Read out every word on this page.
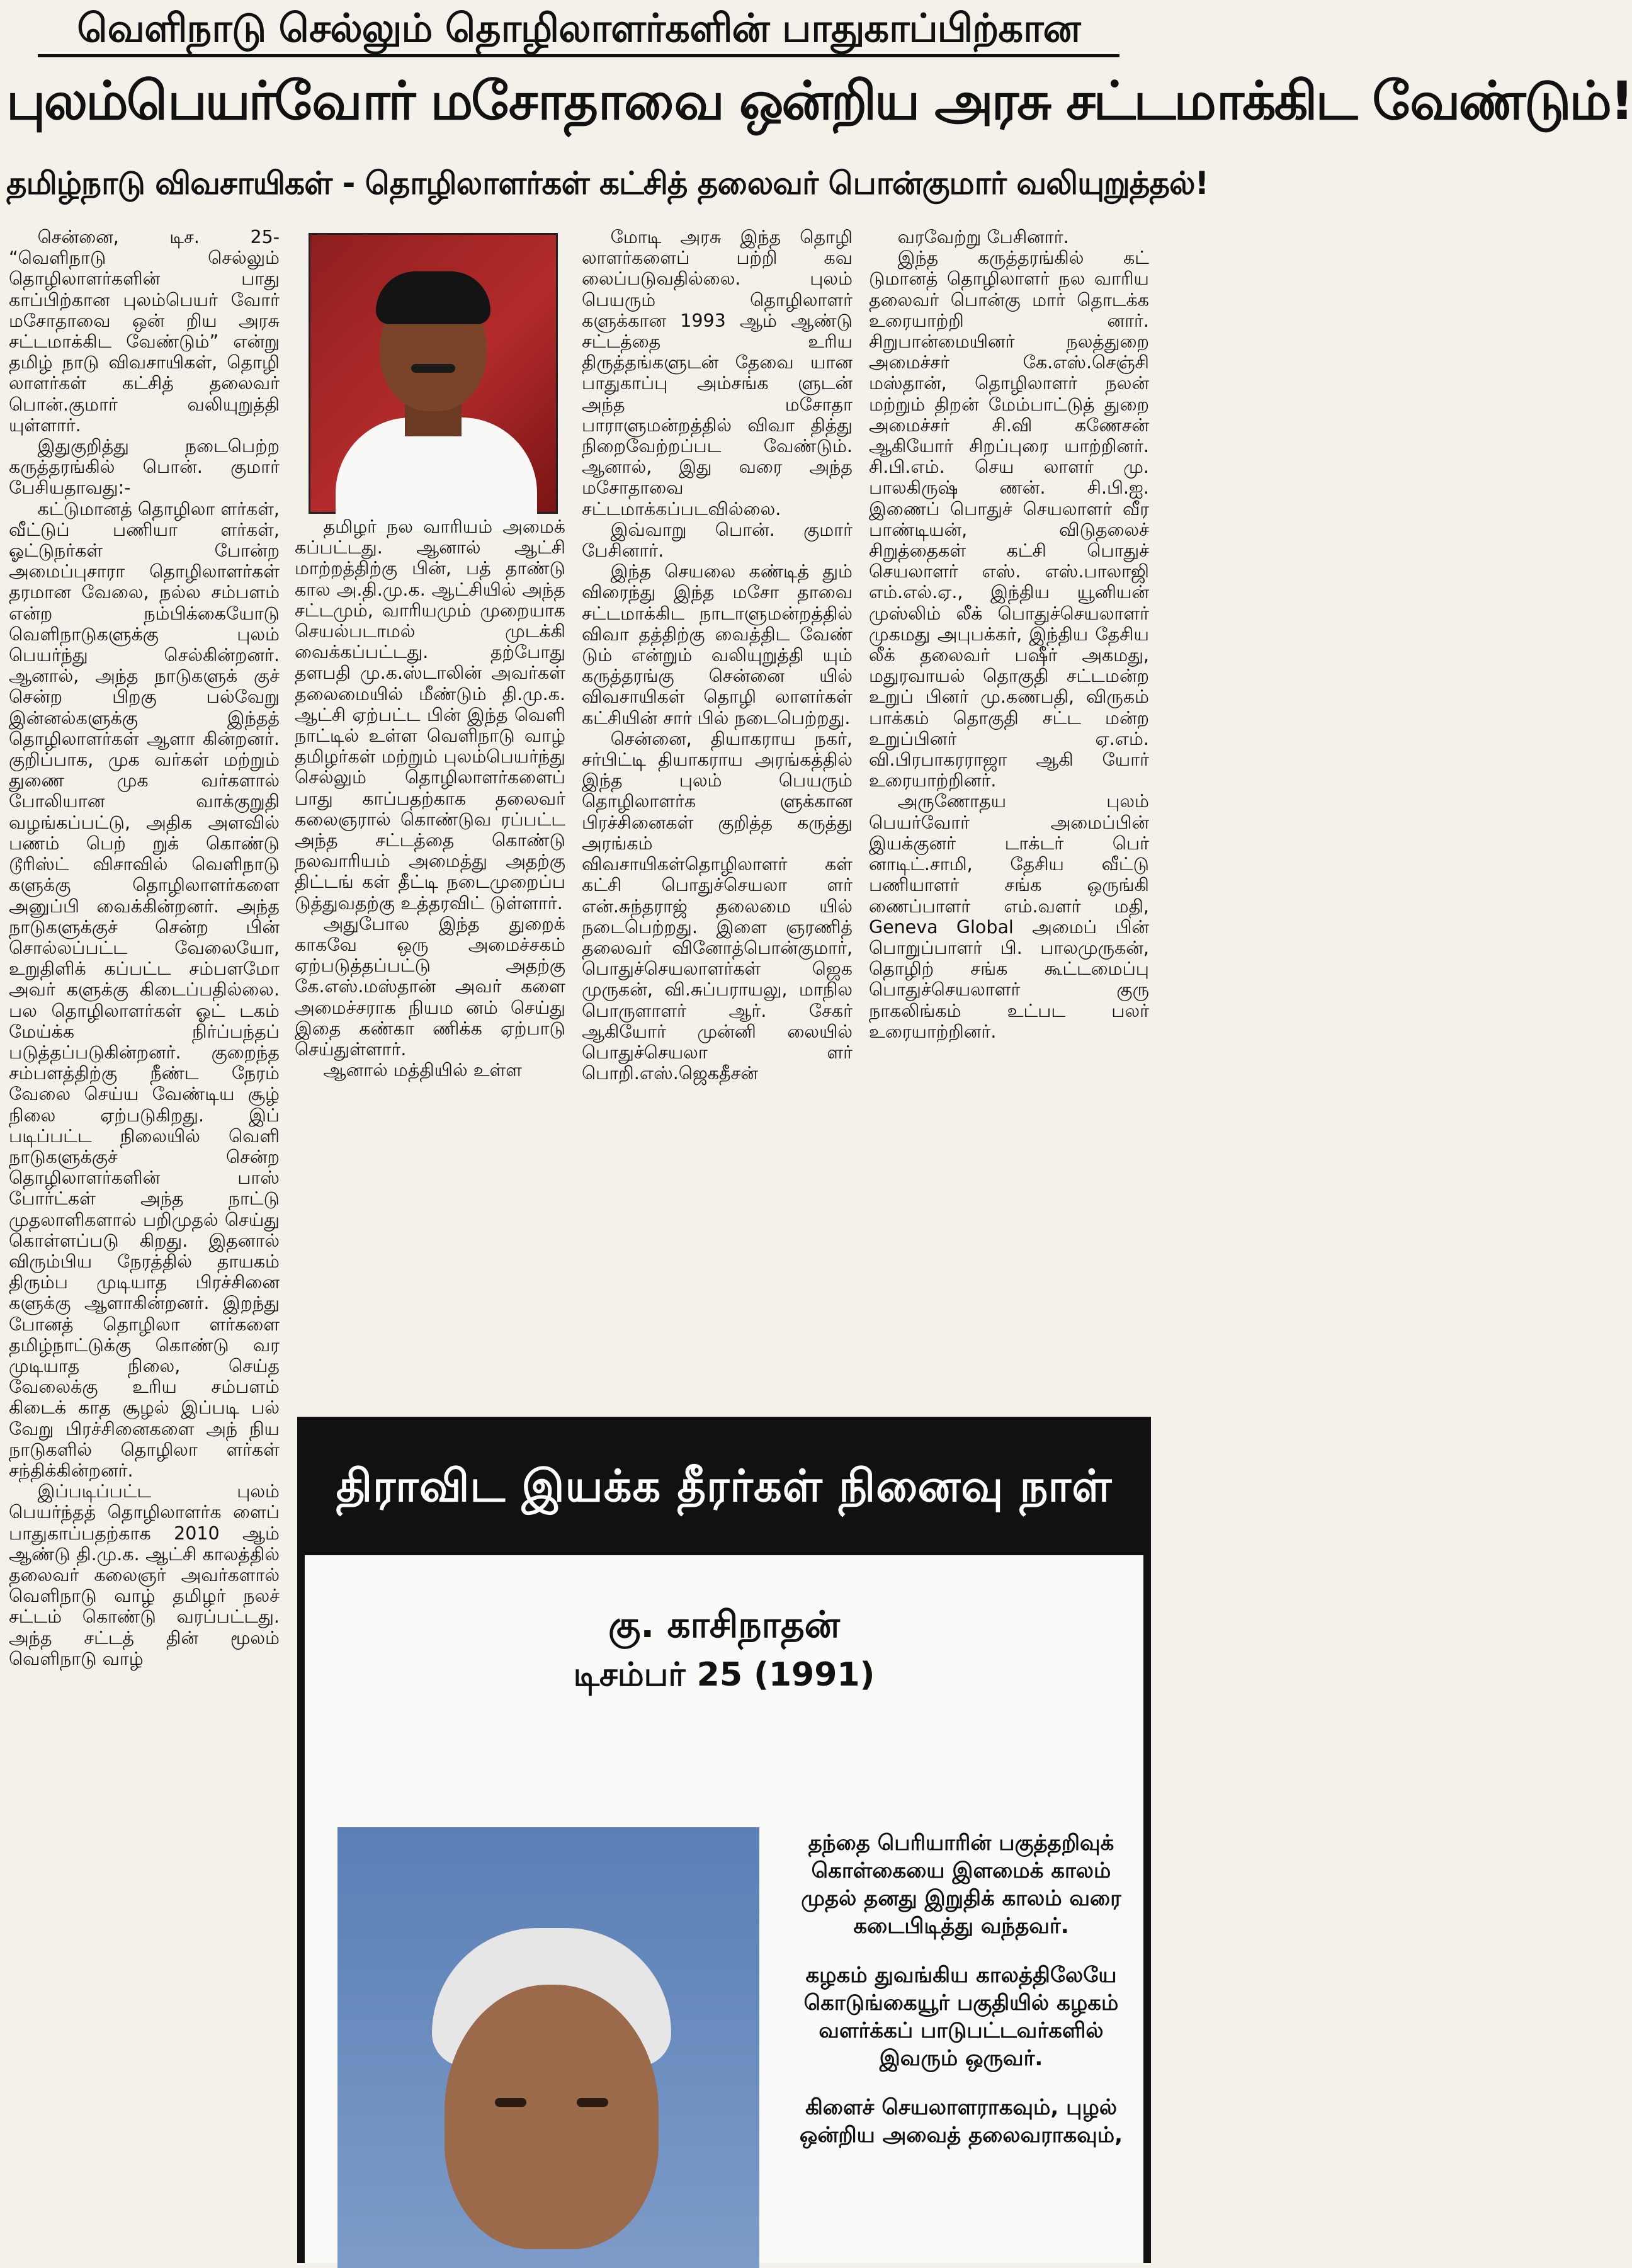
வெளிநாடு செல்லும் தொழிலாளர்களின் பாதுகாப்பிற்கான
புலம்பெயர்வோர் மசோதாவை ஒன்றிய அரசு சட்டமாக்கிட வேண்டும்!
தமிழ்நாடு விவசாயிகள் - தொழிலாளர்கள் கட்சித் தலைவர் பொன்குமார் வலியுறுத்தல்!

சென்னை, டிச. 25- “வெளிநாடு செல்லும் தொழிலாளர்களின் பாது காப்பிற்கான புலம்பெயர் வோர் மசோதாவை ஒன் றிய அரசு சட்டமாக்கிட வேண்டும்” என்று தமிழ் நாடு விவசாயிகள், தொழி லாளர்கள் கட்சித் தலைவர் பொன்.குமார் வலியுறுத்தி யுள்ளார்.

இதுகுறித்து நடைபெற்ற கருத்தரங்கில் பொன். குமார் பேசியதாவது:-

கட்டுமானத் தொழிலா ளர்கள், வீட்டுப் பணியா ளர்கள், ஓட்டுநர்கள் போன்ற அமைப்புசாரா தொழிலாளர்கள் தரமான வேலை, நல்ல சம்பளம் என்ற நம்பிக்கையோடு வெளிநாடுகளுக்கு புலம் பெயர்ந்து செல்கின்றனர். ஆனால், அந்த நாடுகளுக் குச் சென்ற பிறகு பல்வேறு இன்னல்களுக்கு இந்தத் தொழிலாளர்கள் ஆளா கின்றனர். குறிப்பாக, முக வர்கள் மற்றும் துணை முக வர்களால் போலியான வாக்குறுதி வழங்கப்பட்டு, அதிக அளவில் பணம் பெற் றுக் கொண்டு டூரிஸ்ட் விசாவில் வெளிநாடு களுக்கு தொழிலாளர்களை அனுப்பி வைக்கின்றனர். அந்த நாடுகளுக்குச் சென்ற பின் சொல்லப்பட்ட வேலையோ, உறுதிளிக் கப்பட்ட சம்பளமோ அவர் களுக்கு கிடைப்பதில்லை. பல தொழிலாளர்கள் ஓட் டகம் மேய்க்க நிர்ப்பந்தப் படுத்தப்படுகின்றனர். குறைந்த சம்பளத்திற்கு நீண்ட நேரம் வேலை செய்ய வேண்டிய சூழ் நிலை ஏற்படுகிறது. இப் படிப்பட்ட நிலையில் வெளி நாடுகளுக்குச் சென்ற தொழிலாளர்களின் பாஸ் போர்ட்கள் அந்த நாட்டு முதலாளிகளால் பறிமுதல் செய்து கொள்ளப்படு கிறது. இதனால் விரும்பிய நேரத்தில் தாயகம் திரும்ப முடியாத பிரச்சினை களுக்கு ஆளாகின்றனர். இறந்து போனத் தொழிலா ளர்களை தமிழ்நாட்டுக்கு கொண்டு வர முடியாத நிலை, செய்த வேலைக்கு உரிய சம்பளம் கிடைக் காத சூழல் இப்படி பல் வேறு பிரச்சினைகளை அந் நிய நாடுகளில் தொழிலா ளர்கள் சந்திக்கின்றனர்.

இப்படிப்பட்ட புலம் பெயர்ந்தத் தொழிலாளர்க ளைப் பாதுகாப்பதற்காக 2010 ஆம் ஆண்டு தி.மு.க. ஆட்சி காலத்தில் தலைவர் கலைஞர் அவர்களால் வெளிநாடு வாழ் தமிழர் நலச் சட்டம் கொண்டு வரப்பட்டது. அந்த சட்டத் தின் மூலம் வெளிநாடு வாழ்

தமிழர் நல வாரியம் அமைக் கப்பட்டது. ஆனால் ஆட்சி மாற்றத்திற்கு பின், பத் தாண்டு கால அ.தி.மு.க. ஆட்சியில் அந்த சட்டமும், வாரியமும் முறையாக செயல்படாமல் முடக்கி வைக்கப்பட்டது. தற்போது தளபதி மு.க.ஸ்டாலின் அவர்கள் தலைமையில் மீண்டும் தி.மு.க. ஆட்சி ஏற்பட்ட பின் இந்த வெளி நாட்டில் உள்ள வெளிநாடு வாழ் தமிழர்கள் மற்றும் புலம்பெயர்ந்து செல்லும் தொழிலாளர்களைப் பாது காப்பதற்காக தலைவர் கலைஞரால் கொண்டுவ ரப்பட்ட அந்த சட்டத்தை கொண்டு நலவாரியம் அமைத்து அதற்கு திட்டங் கள் தீட்டி நடைமுறைப்ப டுத்துவதற்கு உத்தரவிட் டுள்ளார்.

அதுபோல இந்த துறைக் காகவே ஒரு அமைச்சகம் ஏற்படுத்தப்பட்டு அதற்கு கே.எஸ்.மஸ்தான் அவர் களை அமைச்சராக நியம னம் செய்து இதை கண்கா ணிக்க ஏற்பாடு செய்துள்ளார்.

ஆனால் மத்தியில் உள்ள

மோடி அரசு இந்த தொழி லாளர்களைப் பற்றி கவ லைப்படுவதில்லை. புலம் பெயரும் தொழிலாளர் களுக்கான 1993 ஆம் ஆண்டு சட்டத்தை உரிய திருத்தங்களுடன் தேவை யான பாதுகாப்பு அம்சங்க ளுடன் அந்த மசோதா பாராளுமன்றத்தில் விவா தித்து நிறைவேற்றப்பட வேண்டும். ஆனால், இது வரை அந்த மசோதாவை சட்டமாக்கப்படவில்லை.

இவ்வாறு பொன். குமார் பேசினார்.

இந்த செயலை கண்டித் தும் விரைந்து இந்த மசோ தாவை சட்டமாக்கிட நாடாளுமன்றத்தில் விவா தத்திற்கு வைத்திட வேண் டும் என்றும் வலியுறுத்தி யும் கருத்தரங்கு சென்னை யில் விவசாயிகள் தொழி லாளர்கள் கட்சியின் சார் பில் நடைபெற்றது.

சென்னை, தியாகராய நகர், சர்பிட்டி தியாகராய அரங்கத்தில் இந்த புலம் பெயரும் தொழிலாளர்க ளுக்கான பிரச்சினைகள் குறித்த கருத்து அரங்கம் விவசாயிகள்தொழிலாளர் கள் கட்சி பொதுச்செயலா ளர் என்.சுந்தராஜ் தலைமை யில் நடைபெற்றது. இளை ஞரணித் தலைவர் வினோத்பொன்குமார், பொதுச்செயலாளர்கள் ஜெக முருகன், வி.சுப்பராயலு, மாநில பொருளாளர் ஆர். சேகர் ஆகியோர் முன்னி லையில் பொதுச்செயலா ளர் பொறி.எஸ்.ஜெகதீசன்

வரவேற்று பேசினார்.

இந்த கருத்தரங்கில் கட் டுமானத் தொழிலாளர் நல வாரிய தலைவர் பொன்கு மார் தொடக்க உரையாற்றி னார். சிறுபான்மையினர் நலத்துறை அமைச்சர் கே.எஸ்.செஞ்சி மஸ்தான், தொழிலாளர் நலன் மற்றும் திறன் மேம்பாட்டுத் துறை அமைச்சர் சி.வி கணேசன் ஆகியோர் சிறப்புரை யாற்றினர். சி.பி.எம். செய லாளர் மு. பாலகிருஷ் ணன். சி.பி.ஐ. இணைப் பொதுச் செயலாளர் வீர பாண்டியன், விடுதலைச் சிறுத்தைகள் கட்சி பொதுச் செயலாளர் எஸ். எஸ்.பாலாஜி எம்.எல்.ஏ., இந்திய யூனியன் முஸ்லிம் லீக் பொதுச்செயலாளர் முகமது அபுபக்கர், இந்திய தேசிய லீக் தலைவர் பஷீர் அகமது, மதுரவாயல் தொகுதி சட்டமன்ற உறுப் பினர் மு.கணபதி, விருகம் பாக்கம் தொகுதி சட்ட மன்ற உறுப்பினர் ஏ.எம். வி.பிரபாகரராஜா ஆகி யோர் உரையாற்றினர்.

அருணோதய புலம் பெயர்வோர் அமைப்பின் இயக்குனர் டாக்டர் பெர் னாடிட்.சாமி, தேசிய வீட்டு பணியாளர் சங்க ஒருங்கி ணைப்பாளர் எம்.வளர் மதி, Geneva Global அமைப் பின் பொறுப்பாளர் பி. பாலமுருகன், தொழிற் சங்க கூட்டமைப்பு பொதுச்செயலாளர் குரு நாகலிங்கம் உட்பட பலர் உரையாற்றினர்.

திராவிட இயக்க தீரர்கள் நினைவு நாள்
கு. காசிநாதன்
டிசம்பர் 25 (1991)

தந்தை பெரியாரின் பகுத்தறிவுக் கொள்கையை இளமைக் காலம் முதல் தனது இறுதிக் காலம் வரை கடைபிடித்து வந்தவர்.

கழகம் துவங்கிய காலத்திலேயே கொடுங்கையூர் பகுதியில் கழகம் வளர்க்கப் பாடுபட்டவர்களில் இவரும் ஒருவர்.

கிளைச் செயலாளராகவும், புழல் ஒன்றிய அவைத் தலைவராகவும்,
